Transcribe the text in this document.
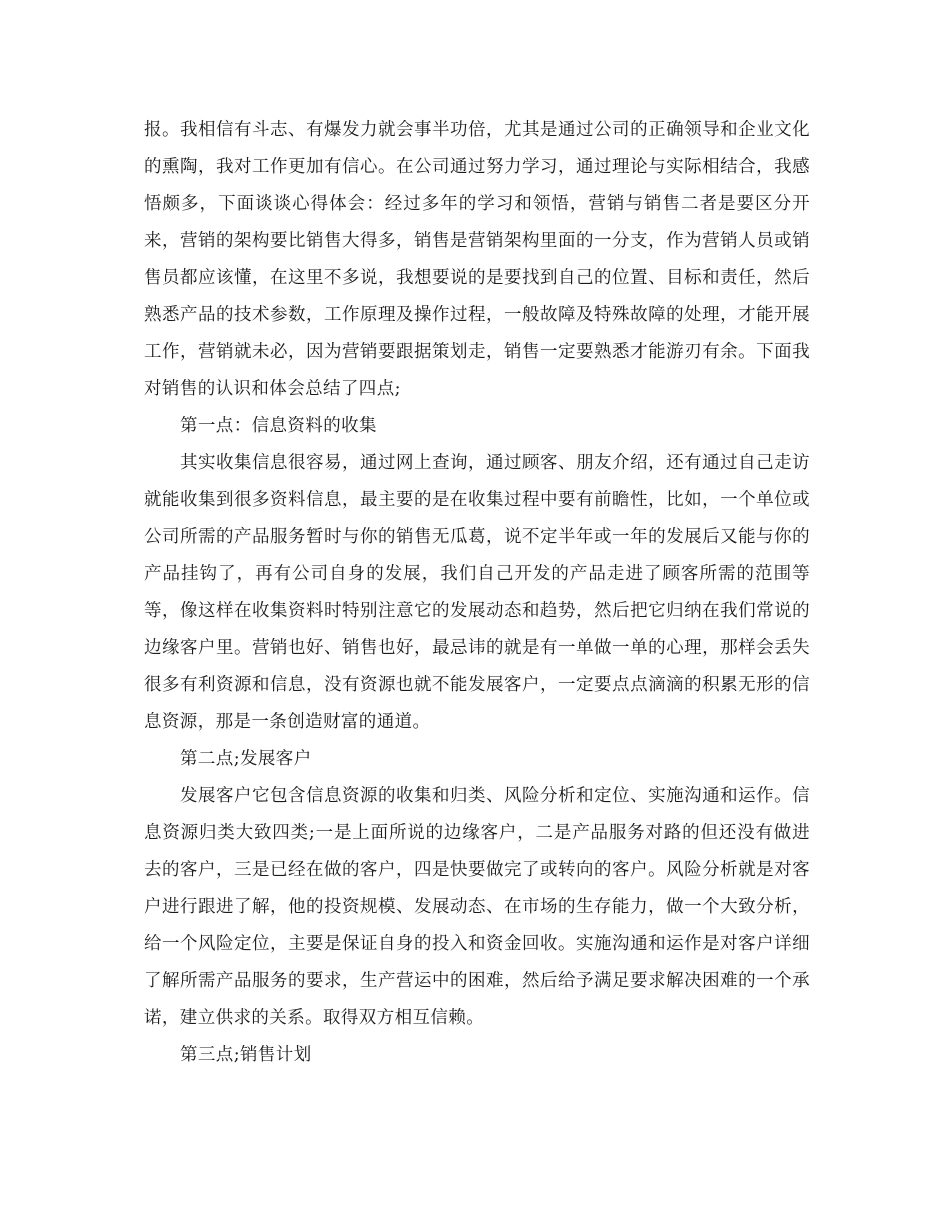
报。我相信有斗志、有爆发力就会事半功倍，尤其是通过公司的正确领导和企业文化的熏陶，我对工作更加有信心。在公司通过努力学习，通过理论与实际相结合，我感悟颇多，下面谈谈心得体会：经过多年的学习和领悟，营销与销售二者是要区分开来，营销的架构要比销售大得多，销售是营销架构里面的一分支，作为营销人员或销售员都应该懂，在这里不多说，我想要说的是要找到自己的位置、目标和责任，然后熟悉产品的技术参数，工作原理及操作过程，一般故障及特殊故障的处理，才能开展工作，营销就未必，因为营销要跟据策划走，销售一定要熟悉才能游刃有余。下面我对销售的认识和体会总结了四点;

第一点：信息资料的收集

其实收集信息很容易，通过网上查询，通过顾客、朋友介绍，还有通过自己走访就能收集到很多资料信息，最主要的是在收集过程中要有前瞻性，比如，一个单位或公司所需的产品服务暂时与你的销售无瓜葛，说不定半年或一年的发展后又能与你的产品挂钩了，再有公司自身的发展，我们自己开发的产品走进了顾客所需的范围等等，像这样在收集资料时特别注意它的发展动态和趋势，然后把它归纳在我们常说的边缘客户里。营销也好、销售也好，最忌讳的就是有一单做一单的心理，那样会丢失很多有利资源和信息，没有资源也就不能发展客户，一定要点点滴滴的积累无形的信息资源，那是一条创造财富的通道。

第二点;发展客户

发展客户它包含信息资源的收集和归类、风险分析和定位、实施沟通和运作。信息资源归类大致四类;一是上面所说的边缘客户，二是产品服务对路的但还没有做进去的客户，三是已经在做的客户，四是快要做完了或转向的客户。风险分析就是对客户进行跟进了解，他的投资规模、发展动态、在市场的生存能力，做一个大致分析，给一个风险定位，主要是保证自身的投入和资金回收。实施沟通和运作是对客户详细了解所需产品服务的要求，生产营运中的困难，然后给予满足要求解决困难的一个承诺，建立供求的关系。取得双方相互信赖。

第三点;销售计划
